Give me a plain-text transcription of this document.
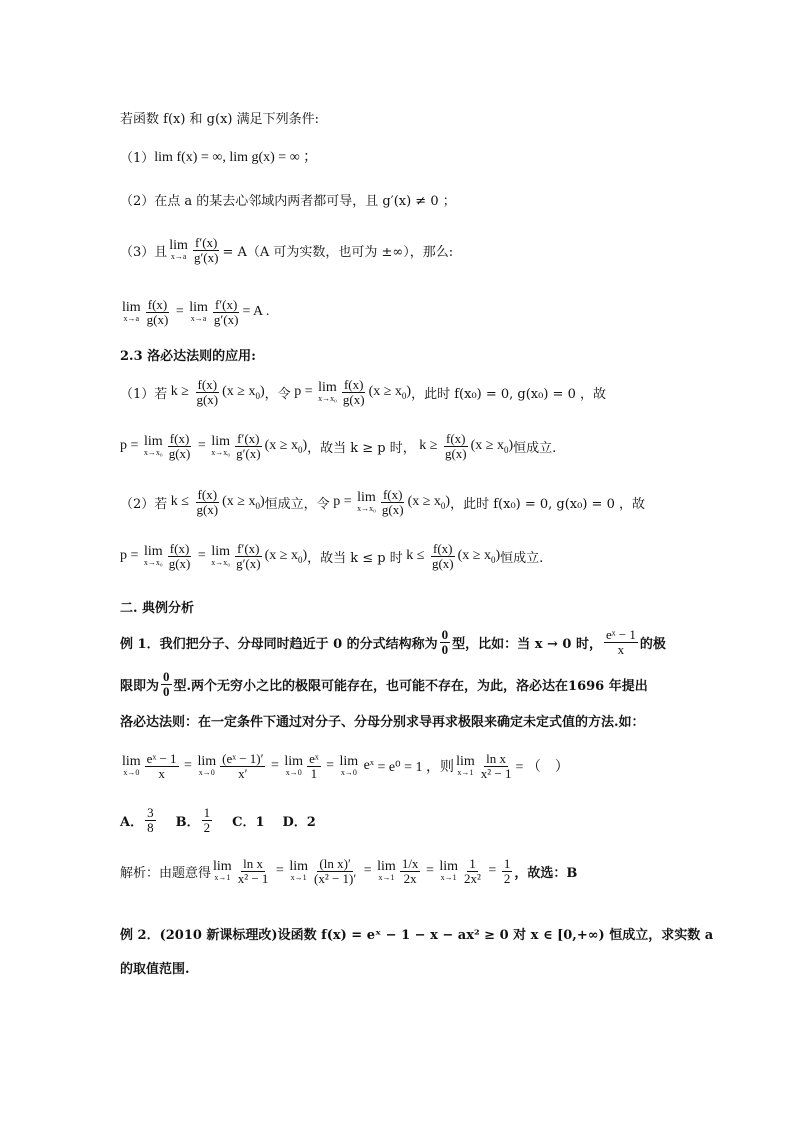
若函数 f(x) 和 g(x) 满足下列条件:
（1） lim f(x) = ∞, lim g(x) = ∞ ；
（2）在点 a 的某去心邻域内两者都可导，且 g′(x) ≠ 0 ；
（3）且 lim
$x\to a \frac{f'(x)}{g'(x)} = A(A$ 可为实数，也可为 ±∞），那么:
lim
$x\to a \frac{f(x)}{g(x)} = \lim$
$x\to a \frac{f'(x)}{g'(x)} = A$ .
2.3 洛必达法则的应用:
（1）若 $k \ge \frac{f(x)}{g(x)} (x \ge x_0)$ ，令 p = lim
$x\to x_0 \frac{f(x)}{g(x)} (x \ge x_0)$ ，此时 f(x₀) = 0, g(x₀) = 0 ，故
p = lim
$x\to x_0 \frac{f(x)}{g(x)} = \lim$
$x\to x_0 \frac{f'(x)}{g'(x)} (x \ge x_0)$ ，故当 k ≥ p 时， $k \ge \frac{f(x)}{g(x)} (x \ge x_0)$ 恒成立.
（2）若 $k \le \frac{f(x)}{g(x)} (x \ge x_0)$ 恒成立，令 p = lim
$x\to x_0 \frac{f(x)}{g(x)} (x \ge x_0)$ ，此时 f(x₀) = 0, g(x₀) = 0 ，故
p = lim
$x\to x_0 \frac{f(x)}{g(x)} = \lim$
$x\to x_0 \frac{f'(x)}{g'(x)} (x \ge x_0)$ ，故当 k ≤ p 时 $k \le \frac{f(x)}{g(x)} (x \ge x_0)$ 恒成立.
二. 典例分析
例 1．我们把分子、分母同时趋近于 0 的分式结构称为 $\frac{0}{0}$ 型，比如：当 x → 0 时， $\frac{\text{eˣ − 1}}{x}$ 的极
限即为 $\frac{0}{0}$ 型.两个无穷小之比的极限可能存在，也可能不存在，为此，洛必达在1696 年提出
洛必达法则：在一定条件下通过对分子、分母分别求导再求极限来确定未定式值的方法.如：
lim
$x\to 0 \frac{\text{eˣ − 1}}{x} = \lim$
$x\to 0 \frac{\text{(eˣ − 1)′}}{x'} = \lim$
$x\to 0 \frac{\text{eˣ}}{1} = \lim$
x→0 eˣ = e⁰ = 1 ，则 lim
$x\to 1 \frac{\text{ln x}}{\text{x² − 1}}$ = （　）
A． $\frac{3}{8}$ B． $\frac{1}{2}$ C．1 D．2
解析：由题意得 lim
$x\to 1 \frac{\text{ln x}}{\text{x² − 1}} = \lim$
$x\to 1 \frac{\text{(ln x)′}}{\text{(x² − 1)′}} = \lim$
$x\to 1 \frac{1/x}{2x} = \lim$
$x\to 1 \frac{1}{\text{2x²}} = \frac{1}{2}$ ，故选：B
例 2．(2010 新课标理改)设函数 f(x) = eˣ − 1 − x − ax² ≥ 0 对 x ∈ [0,+∞) 恒成立，求实数 a
的取值范围.
